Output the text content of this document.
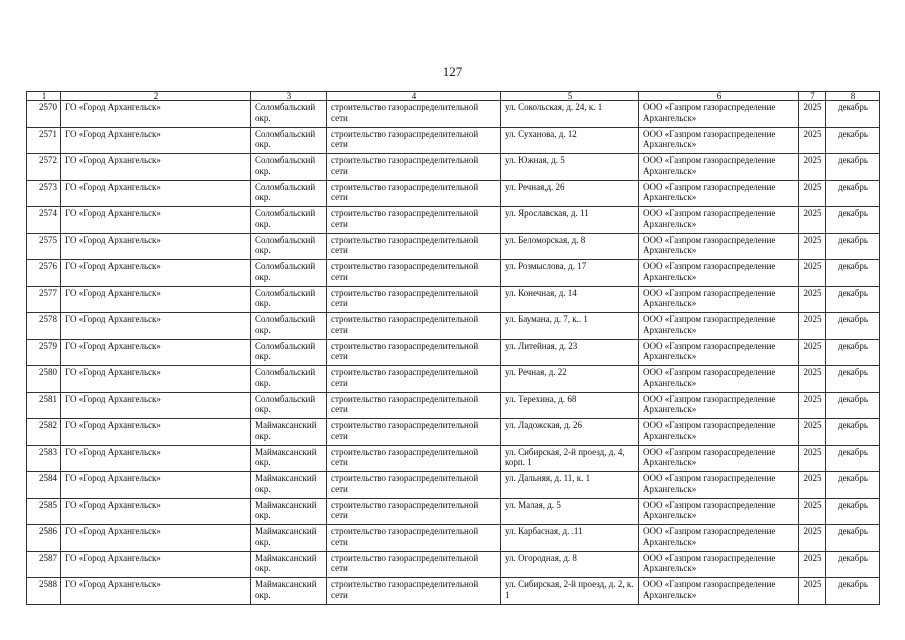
127
1	2	3	4	5	6	7	8
2570	ГО «Город Архангельск»	Соломбальский окр.	строительство газораспределительной сети	ул. Сокольская, д. 24, к. 1	ООО «Газпром газораспределение Архангельск»	2025	декабрь
2571	ГО «Город Архангельск»	Соломбальский окр.	строительство газораспределительной сети	ул. Суханова, д. 12	ООО «Газпром газораспределение Архангельск»	2025	декабрь
2572	ГО «Город Архангельск»	Соломбальский окр.	строительство газораспределительной сети	ул. Южная, д. 5	ООО «Газпром газораспределение Архангельск»	2025	декабрь
2573	ГО «Город Архангельск»	Соломбальский окр.	строительство газораспределительной сети	ул. Речная,д. 26	ООО «Газпром газораспределение Архангельск»	2025	декабрь
2574	ГО «Город Архангельск»	Соломбальский окр.	строительство газораспределительной сети	ул. Ярославская, д. 11	ООО «Газпром газораспределение Архангельск»	2025	декабрь
2575	ГО «Город Архангельск»	Соломбальский окр.	строительство газораспределительной сети	ул. Беломорская, д. 8	ООО «Газпром газораспределение Архангельск»	2025	декабрь
2576	ГО «Город Архангельск»	Соломбальский окр.	строительство газораспределительной сети	ул. Розмыслова, д. 17	ООО «Газпром газораспределение Архангельск»	2025	декабрь
2577	ГО «Город Архангельск»	Соломбальский окр.	строительство газораспределительной сети	ул. Конечная, д. 14	ООО «Газпром газораспределение Архангельск»	2025	декабрь
2578	ГО «Город Архангельск»	Соломбальский окр.	строительство газораспределительной сети	ул. Баумана, д. 7, к.. 1	ООО «Газпром газораспределение Архангельск»	2025	декабрь
2579	ГО «Город Архангельск»	Соломбальский окр.	строительство газораспределительной сети	ул. Литейная, д. 23	ООО «Газпром газораспределение Архангельск»	2025	декабрь
2580	ГО «Город Архангельск»	Соломбальский окр.	строительство газораспределительной сети	ул. Речная, д. 22	ООО «Газпром газораспределение Архангельск»	2025	декабрь
2581	ГО «Город Архангельск»	Соломбальский окр.	строительство газораспределительной сети	ул. Терехина, д. 68	ООО «Газпром газораспределение Архангельск»	2025	декабрь
2582	ГО «Город Архангельск»	Маймаксанский окр.	строительство газораспределительной сети	ул. Ладожская, д. 26	ООО «Газпром газораспределение Архангельск»	2025	декабрь
2583	ГО «Город Архангельск»	Маймаксанский окр.	строительство газораспределительной сети	ул. Сибирская, 2-й проезд, д. 4, корп. 1	ООО «Газпром газораспределение Архангельск»	2025	декабрь
2584	ГО «Город Архангельск»	Маймаксанский окр.	строительство газораспределительной сети	ул. Дальняя, д. 11, к. 1	ООО «Газпром газораспределение Архангельск»	2025	декабрь
2585	ГО «Город Архангельск»	Маймаксанский окр.	строительство газораспределительной сети	ул. Малая, д. 5	ООО «Газпром газораспределение Архангельск»	2025	декабрь
2586	ГО «Город Архангельск»	Маймаксанский окр.	строительство газораспределительной сети	ул. Карбасная, д. .11	ООО «Газпром газораспределение Архангельск»	2025	декабрь
2587	ГО «Город Архангельск»	Маймаксанский окр.	строительство газораспределительной сети	ул. Огородная, д. 8	ООО «Газпром газораспределение Архангельск»	2025	декабрь
2588	ГО «Город Архангельск»	Маймаксанский окр.	строительство газораспределительной сети	ул. Сибирская, 2-й проезд, д. 2, к. 1	ООО «Газпром газораспределение Архангельск»	2025	декабрь
